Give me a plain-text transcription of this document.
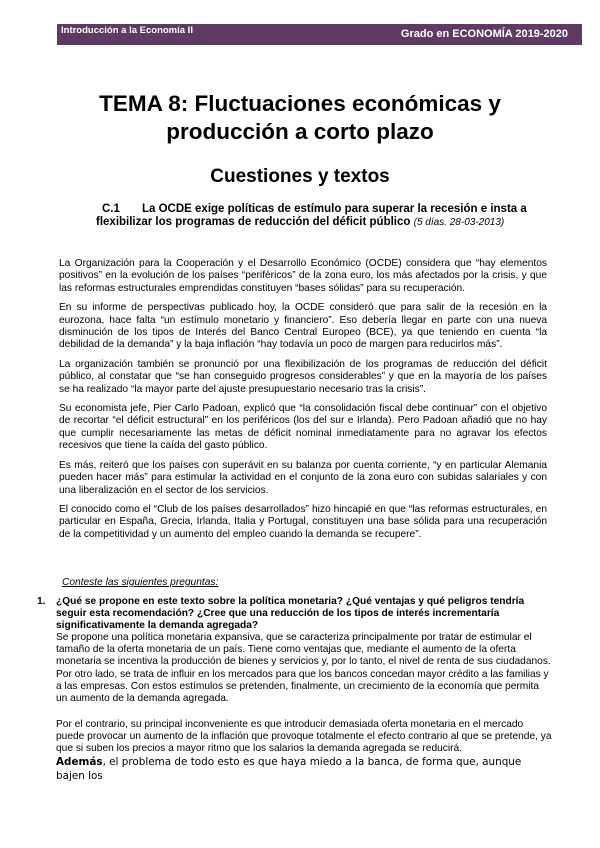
Introducción a la Economía II	Grado en ECONOMÍA 2019-2020
TEMA 8: Fluctuaciones económicas y
producción a corto plazo
Cuestiones y textos
C.1 La OCDE exige políticas de estímulo para superar la recesión e insta a flexibilizar los programas de reducción del déficit público (5 días. 28-03-2013)

La Organización para la Cooperación y el Desarrollo Económico (OCDE) considera que “hay elementos positivos” en la evolución de los países “periféricos” de la zona euro, los más afectados por la crisis, y que las reformas estructurales emprendidas constituyen “bases sólidas” para su recuperación.

En su informe de perspectivas publicado hoy, la OCDE consideró que para salir de la recesión en la eurozona, hace falta “un estímulo monetario y financiero”. Eso debería llegar en parte con una nueva disminución de los tipos de Interés del Banco Central Europeo (BCE), ya que teniendo en cuenta “la debilidad de la demanda” y la baja inflación “hay todavía un poco de margen para reducirlos más”.

La organización también se pronunció por una flexibilización de los programas de reducción del déficit público, al constatar que “se han conseguido progresos considerables” y que en la mayoría de los países se ha realizado “la mayor parte del ajuste presupuestario necesario tras la crisis”.

Su economista jefe, Pier Carlo Padoan, explicó que “la consolidación fiscal debe continuar” con el objetivo de recortar “el déficit estructural” en los periféricos (los del sur e Irlanda). Pero Padoan añadió que no hay que cumplir necesariamente las metas de déficit nominal inmediatamente para no agravar los efectos recesivos que tiene la caída del gasto público.

Es más, reiteró que los países con superávit en su balanza por cuenta corriente, “y en particular Alemania pueden hacer más” para estimular la actividad en el conjunto de la zona euro con subidas salariales y con una liberalización en el sector de los servicios.

El conocido como el “Club de los países desarrollados” hizo hincapié en que “las reformas estructurales, en particular en España, Grecia, Irlanda, Italia y Portugal, constituyen una base sólida para una recuperación de la competitividad y un aumento del empleo cuando la demanda se recupere”.

Conteste las siguientes preguntas:
1. ¿Qué se propone en este texto sobre la política monetaria? ¿Qué ventajas y qué peligros tendría seguir esta recomendación? ¿Cree que una reducción de los tipos de interés incrementaría significativamente la demanda agregada?

Se propone una política monetaria expansiva, que se caracteriza principalmente por tratar de estimular el tamaño de la oferta monetaria de un país. Tiene como ventajas que, mediante el aumento de la oferta monetaria se incentiva la producción de bienes y servicios y, por lo tanto, el nivel de renta de sus ciudadanos. Por otro lado, se trata de influir en los mercados para que los bancos concedan mayor crédito a las familias y a las empresas. Con estos estímulos se pretenden, finalmente, un crecimiento de la economía que permita un aumento de la demanda agregada.

Por el contrario, su principal inconveniente es que introducir demasiada oferta monetaria en el mercado puede provocar un aumento de la inflación que provoque totalmente el efecto contrario al que se pretende, ya que si suben los precios a mayor ritmo que los salarios la demanda agregada se reducirá.

Además, el problema de todo esto es que haya miedo a la banca, de forma que, aunque bajen los
